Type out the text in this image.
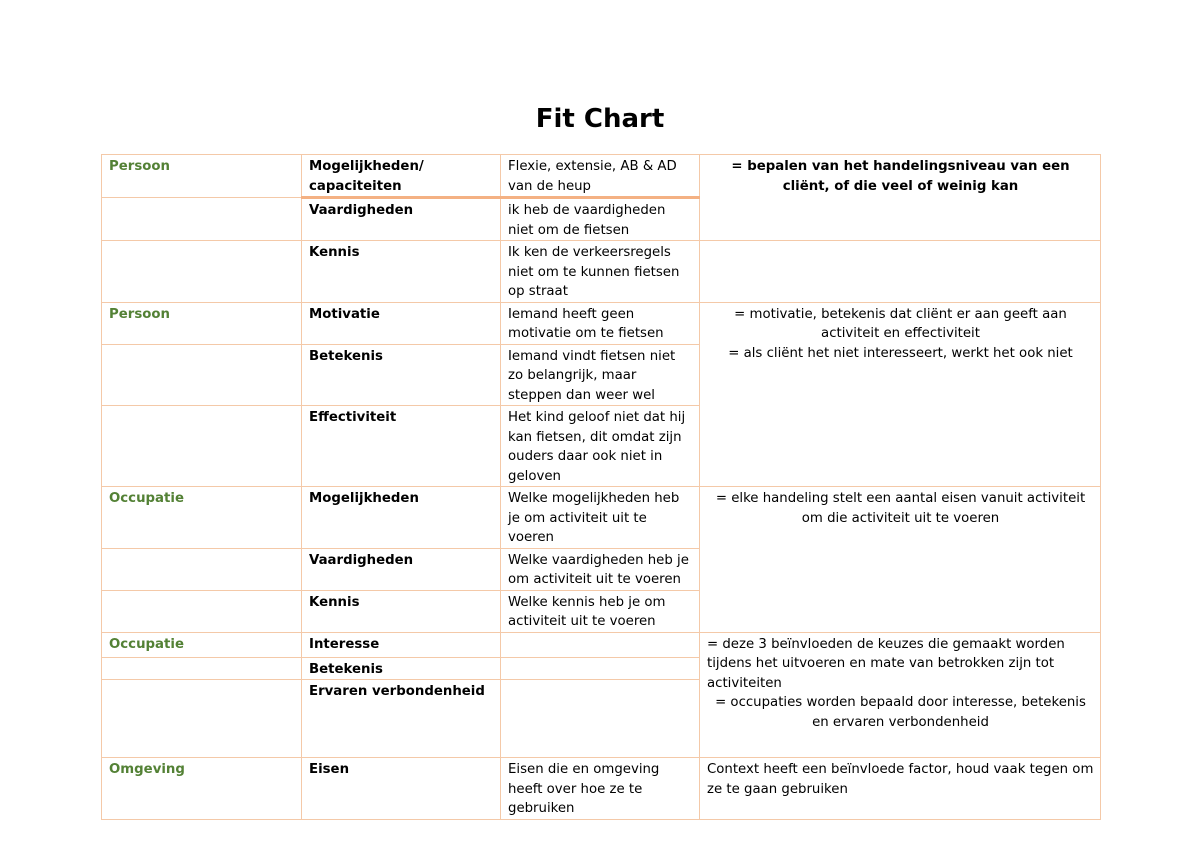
Fit Chart
Persoon	Mogelijkheden/ capaciteiten	Flexie, extensie, AB & AD van de heup	= bepalen van het handelingsniveau van een cliënt, of die veel of weinig kan
	Vaardigheden	ik heb de vaardigheden niet om de fietsen	
	Kennis	Ik ken de verkeersregels niet om te kunnen fietsen op straat	
Persoon	Motivatie	Iemand heeft geen motivatie om te fietsen	= motivatie, betekenis dat cliënt er aan geeft aan activiteit en effectiviteit
= als cliënt het niet interesseert, werkt het ook niet

	Betekenis	Iemand vindt fietsen niet zo belangrijk, maar steppen dan weer wel	
	Effectiviteit	Het kind geloof niet dat hij kan fietsen, dit omdat zijn ouders daar ook niet in geloven	
Occupatie	Mogelijkheden	Welke mogelijkheden heb je om activiteit uit te voeren	= elke handeling stelt een aantal eisen vanuit activiteit om die activiteit uit te voeren
	Vaardigheden	Welke vaardigheden heb je om activiteit uit te voeren	
	Kennis	Welke kennis heb je om activiteit uit te voeren	
Occupatie	Interesse		= deze 3 beïnvloeden de keuzes die gemaakt worden tijdens het uitvoeren en mate van betrokken zijn tot activiteiten
= occupaties worden bepaald door interesse, betekenis en ervaren verbondenheid

	Betekenis		
	Ervaren verbondenheid		
Omgeving	Eisen	Eisen die en omgeving heeft over hoe ze te gebruiken	Context heeft een beïnvloede factor, houd vaak tegen om ze te gaan gebruiken
